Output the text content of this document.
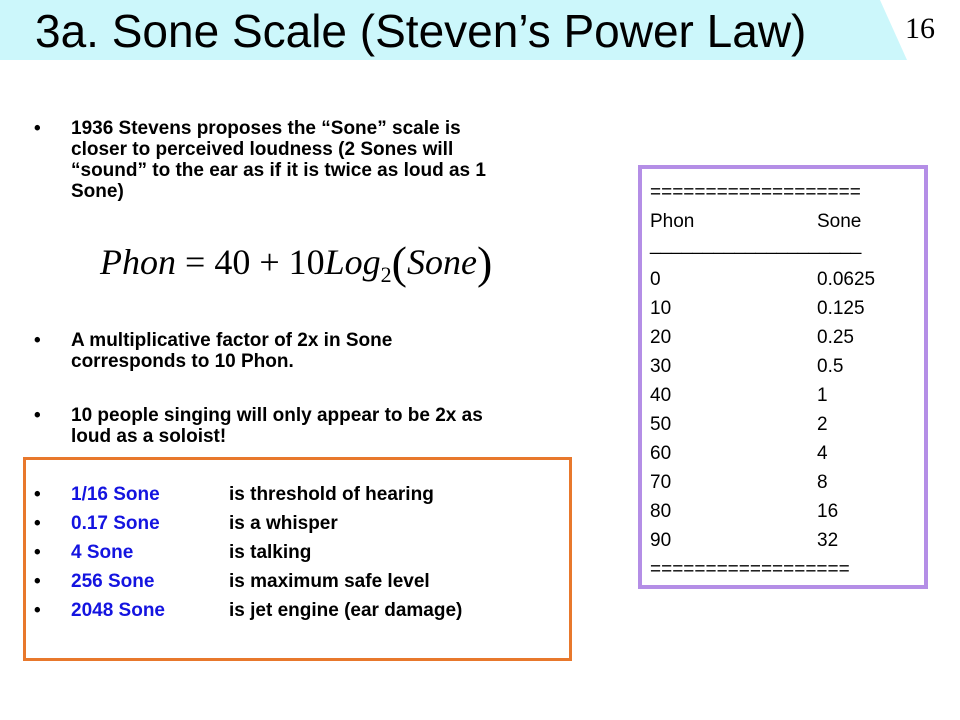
3a. Sone Scale (Steven’s Power Law)	16
• 1936 Stevens proposes the “Sone” scale is
closer to perceived loudness (2 Sones will
“sound” to the ear as if it is twice as loud as 1
Sone)
• A multiplicative factor of 2x in Sone
corresponds to 10 Phon.
• 10 people singing will only appear to be 2x as
loud as a soloist!
Phon = 40 + 10Log$_2$(Sone)
• 1/16 Sone	is threshold of hearing
• 0.17 Sone	is a whisper
• 4 Sone	is talking
• 256 Sone	is maximum safe level
• 2048 Sone	is jet engine (ear damage)
===================
Phon	Sone
____________________
0	0.0625
10	0.125
20	0.25
30	0.5
40	1
50	2
60	4
70	8
80	16
90	32
==================
